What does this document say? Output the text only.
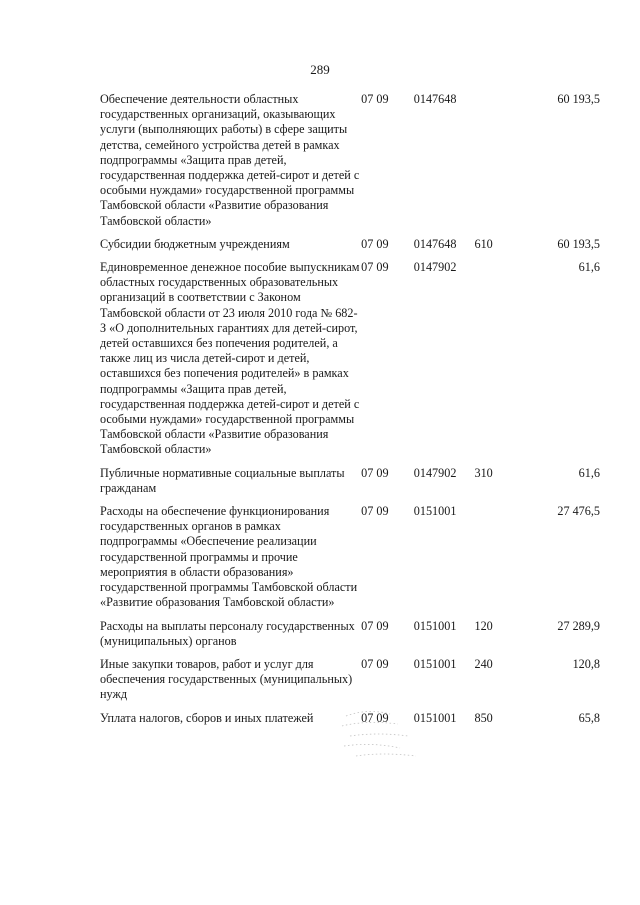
289
Обеспечение деятельности областных государственных организаций, оказывающих услуги (выполняющих работы) в сфере защиты детства, семейного устройства детей в рамках подпрограммы «Защита прав детей, государственная поддержка детей-сирот и детей с особыми нуждами» государственной программы Тамбовской области «Развитие образования Тамбовской области»	07 09	0147648		60 193,5
Субсидии бюджетным учреждениям	07 09	0147648	610	60 193,5
Единовременное денежное пособие выпускникам областных государственных образовательных организаций в соответствии с Законом Тамбовской области от 23 июля 2010 года № 682-З «О дополнительных гарантиях для детей-сирот, детей оставшихся без попечения родителей, а также лиц из числа детей-сирот и детей, оставшихся без попечения родителей» в рамках подпрограммы «Защита прав детей, государственная поддержка детей-сирот и детей с особыми нуждами» государственной программы Тамбовской области «Развитие образования Тамбовской области»	07 09	0147902		61,6
Публичные нормативные социальные выплаты гражданам	07 09	0147902	310	61,6
Расходы на обеспечение функционирования государственных органов в рамках подпрограммы «Обеспечение реализации государственной программы и прочие мероприятия в области образования» государственной программы Тамбовской области «Развитие образования Тамбовской области»	07 09	0151001		27 476,5
Расходы на выплаты персоналу государственных (муниципальных) органов	07 09	0151001	120	27 289,9
Иные закупки товаров, работ и услуг для обеспечения государственных (муниципальных) нужд	07 09	0151001	240	120,8
Уплата налогов, сборов и иных платежей	07 09	0151001	850	65,8
